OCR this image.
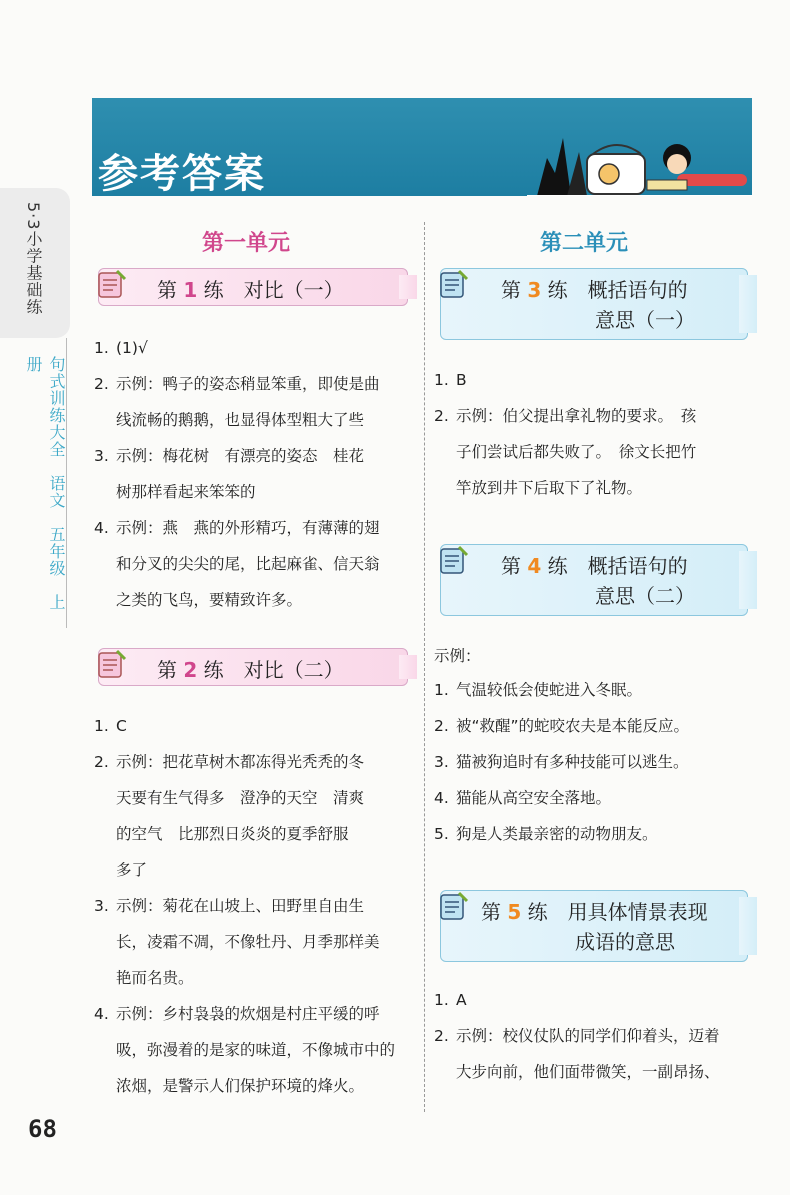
5·3小学基础练
句式训练大全　语文　五年级　上册
参考答案
第一单元
第 1 练　对比（一）
1. (1)√
2. 示例：鸭子的姿态稍显笨重，即使是曲
线流畅的鹅鹅，也显得体型粗大了些
3. 示例：梅花树　有漂亮的姿态　桂花
树那样看起来笨笨的
4. 示例：燕　燕的外形精巧，有薄薄的翅
和分叉的尖尖的尾，比起麻雀、信天翁
之类的飞鸟，要精致许多。
第 2 练　对比（二）
1. C
2. 示例：把花草树木都冻得光秃秃的冬
天要有生气得多　澄净的天空　清爽
的空气　比那烈日炎炎的夏季舒服
多了
3. 示例：菊花在山坡上、田野里自由生
长，凌霜不凋，不像牡丹、月季那样美
艳而名贵。
4. 示例：乡村袅袅的炊烟是村庄平缓的呼
吸，弥漫着的是家的味道，不像城市中的
浓烟，是警示人们保护环境的烽火。
第二单元
第 3 练　概括语句的
意思（一）
1. B
2. 示例：伯父提出拿礼物的要求。　孩
子们尝试后都失败了。　徐文长把竹
竿放到井下后取下了礼物。
第 4 练　概括语句的
意思（二）
示例：
1. 气温较低会使蛇进入冬眠。
2. 被“救醒”的蛇咬农夫是本能反应。
3. 猫被狗追时有多种技能可以逃生。
4. 猫能从高空安全落地。
5. 狗是人类最亲密的动物朋友。
第 5 练　用具体情景表现
成语的意思
1. A
2. 示例：校仪仗队的同学们仰着头，迈着
大步向前，他们面带微笑，一副昂扬、
68
